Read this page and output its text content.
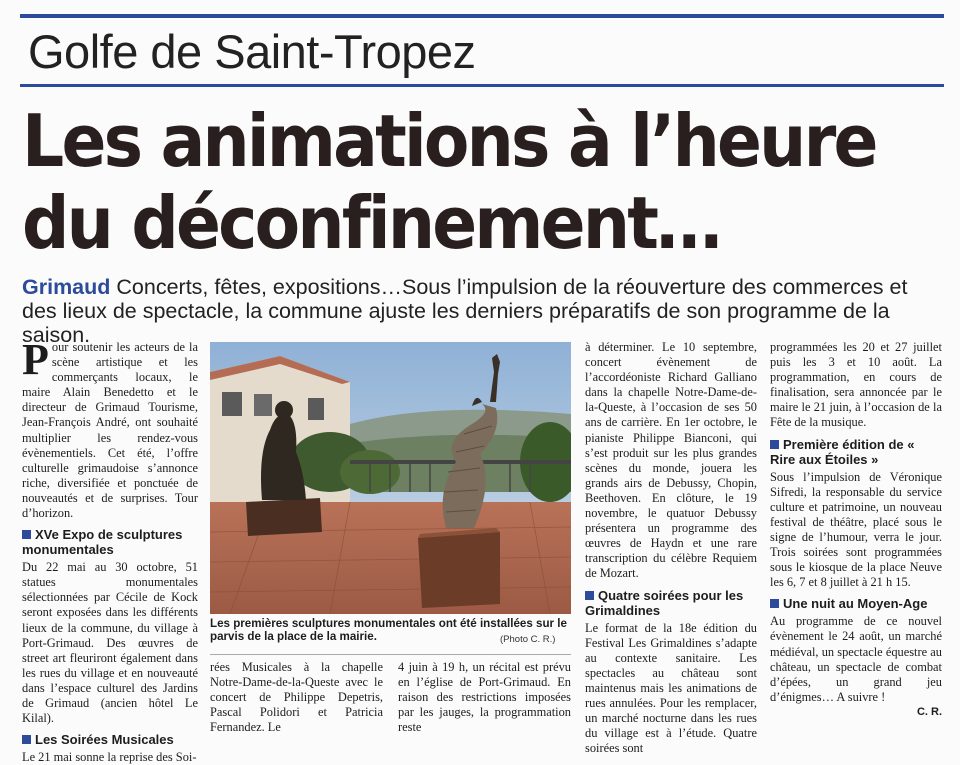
Golfe de Saint-Tropez
Les animations à l’heure
du déconfinement…
Grimaud Concerts, fêtes, expositions…Sous l’impulsion de la réouverture des commerces et des lieux de spectacle, la commune ajuste les derniers préparatifs de son programme de la saison.

Pour soutenir les acteurs de la scène artistique et les commerçants locaux, le maire Alain Benedetto et le directeur de Grimaud Tourisme, Jean-François André, ont souhaité multiplier les rendez-vous évènementiels. Cet été, l’offre culturelle grimaudoise s’annonce riche, diversifiée et ponctuée de nouveautés et de surprises. Tour d’horizon.

XVe Expo de sculptures monumentales

Du 22 mai au 30 octobre, 51 statues monumentales sélectionnées par Cécile de Kock seront exposées dans les différents lieux de la commune, du village à Port-Grimaud. Des œuvres de street art fleuriront également dans les rues du village et en nouveauté dans l’espace culturel des Jardins de Grimaud (ancien hôtel Le Kilal).

Les Soirées Musicales

Le 21 mai sonne la reprise des Soi-

Les premières sculptures monumentales ont été installées sur le parvis de la place de la mairie.	(Photo C. R.)

rées Musicales à la chapelle Notre-Dame-de-la-Queste avec le concert de Philippe Depetris, Pascal Polidori et Patricia Fernandez. Le

4 juin à 19 h, un récital est prévu en l’église de Port-Grimaud. En raison des restrictions imposées par les jauges, la programmation reste

à déterminer. Le 10 septembre, concert évènement de l’accordéoniste Richard Galliano dans la chapelle Notre-Dame-de-la-Queste, à l’occasion de ses 50 ans de carrière. En 1er octobre, le pianiste Philippe Bianconi, qui s’est produit sur les plus grandes scènes du monde, jouera les grands airs de Debussy, Chopin, Beethoven. En clôture, le 19 novembre, le quatuor Debussy présentera un programme des œuvres de Haydn et une rare transcription du célèbre Requiem de Mozart.

Quatre soirées pour les Grimaldines

Le format de la 18e édition du Festival Les Grimaldines s’adapte au contexte sanitaire. Les spectacles au château sont maintenus mais les animations de rues annulées. Pour les remplacer, un marché nocturne dans les rues du village est à l’étude. Quatre soirées sont

programmées les 20 et 27 juillet puis les 3 et 10 août. La programmation, en cours de finalisation, sera annoncée par le maire le 21 juin, à l’occasion de la Fête de la musique.

Première édition de « Rire aux Étoiles »

Sous l’impulsion de Véronique Sifredi, la responsable du service culture et patrimoine, un nouveau festival de théâtre, placé sous le signe de l’humour, verra le jour. Trois soirées sont programmées sous le kiosque de la place Neuve les 6, 7 et 8 juillet à 21 h 15.

Une nuit au Moyen-Age

Au programme de ce nouvel évènement le 24 août, un marché médiéval, un spectacle équestre au château, un spectacle de combat d’épées, un grand jeu d’énigmes… A suivre !

C. R.
